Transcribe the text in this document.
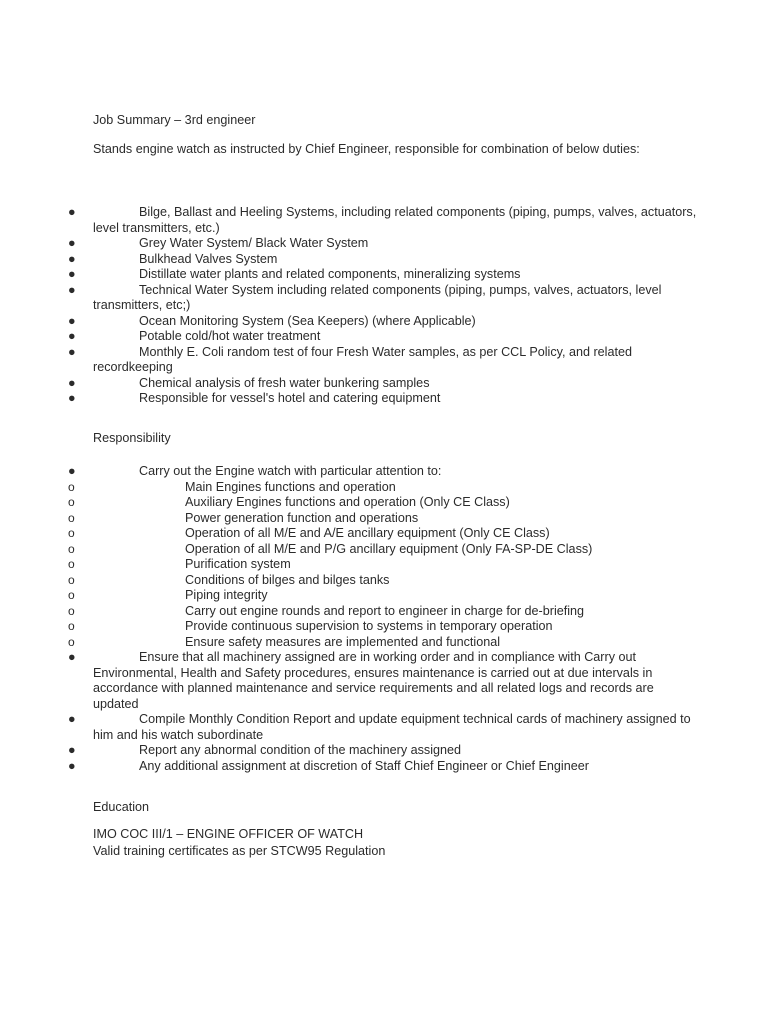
Job Summary – 3rd engineer
Stands engine watch as instructed by Chief Engineer, responsible for combination of below duties:
●	Bilge, Ballast and Heeling Systems, including related components (piping, pumps, valves, actuators, level transmitters, etc.)
●	Grey Water System/ Black Water System
●	Bulkhead Valves System
●	Distillate water plants and related components, mineralizing systems
●	Technical Water System including related components (piping, pumps, valves, actuators, level transmitters, etc;)
●	Ocean Monitoring System (Sea Keepers) (where Applicable)
●	Potable cold/hot water treatment
●	Monthly E. Coli random test of four Fresh Water samples, as per CCL Policy, and related recordkeeping
●	Chemical analysis of fresh water bunkering samples
●	Responsible for vessel's hotel and catering equipment
Responsibility
●	Carry out the Engine watch with particular attention to:
o	Main Engines functions and operation
o	Auxiliary Engines functions and operation (Only CE Class)
o	Power generation function and operations
o	Operation of all M/E and A/E ancillary equipment (Only CE Class)
o	Operation of all M/E and P/G ancillary equipment (Only FA-SP-DE Class)
o	Purification system
o	Conditions of bilges and bilges tanks
o	Piping integrity
o	Carry out engine rounds and report to engineer in charge for de-briefing
o	Provide continuous supervision to systems in temporary operation
o	Ensure safety measures are implemented and functional
●	Ensure that all machinery assigned are in working order and in compliance with Carry out Environmental, Health and Safety procedures, ensures maintenance is carried out at due intervals in accordance with planned maintenance and service requirements and all related logs and records are updated
●	Compile Monthly Condition Report and update equipment technical cards of machinery assigned to him and his watch subordinate
●	Report any abnormal condition of the machinery assigned
●	Any additional assignment at discretion of Staff Chief Engineer or Chief Engineer
Education
IMO COC III/1 – ENGINE OFFICER OF WATCH
Valid training certificates as per STCW95 Regulation
